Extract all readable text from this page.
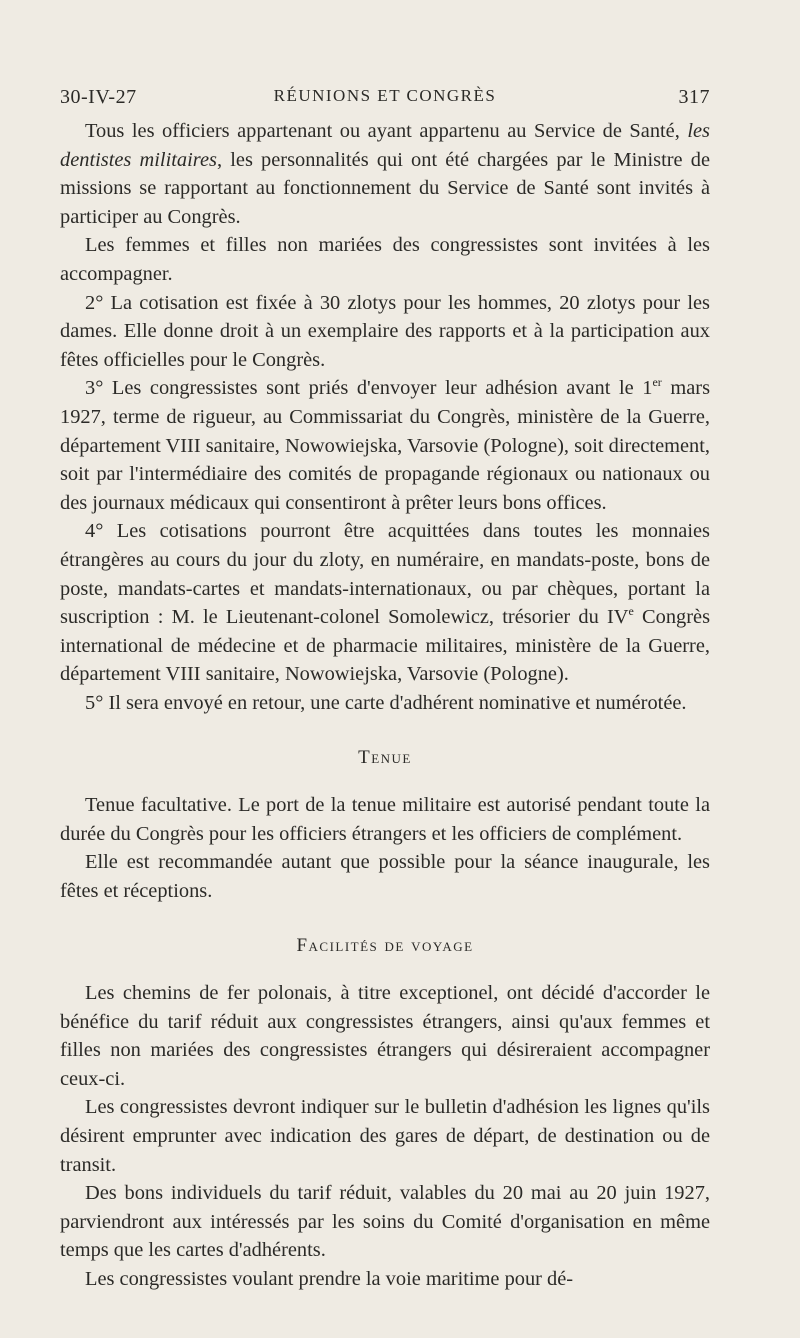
30-IV-27	RÉUNIONS ET CONGRÈS	317

Tous les officiers appartenant ou ayant appartenu au Service de Santé, les dentistes militaires, les personnalités qui ont été chargées par le Ministre de missions se rapportant au fonctionnement du Service de Santé sont invités à participer au Congrès.

Les femmes et filles non mariées des congressistes sont invitées à les accompagner.

2° La cotisation est fixée à 30 zlotys pour les hommes, 20 zlotys pour les dames. Elle donne droit à un exemplaire des rapports et à la participation aux fêtes officielles pour le Congrès.

3° Les congressistes sont priés d'envoyer leur adhésion avant le 1er mars 1927, terme de rigueur, au Commissariat du Congrès, ministère de la Guerre, département VIII sanitaire, Nowowiejska, Varsovie (Pologne), soit directement, soit par l'intermédiaire des comités de propagande régionaux ou nationaux ou des journaux médicaux qui consentiront à prêter leurs bons offices.

4° Les cotisations pourront être acquittées dans toutes les monnaies étrangères au cours du jour du zloty, en numéraire, en mandats-poste, bons de poste, mandats-cartes et mandats-internationaux, ou par chèques, portant la suscription : M. le Lieutenant-colonel Somolewicz, trésorier du IVe Congrès international de médecine et de pharmacie militaires, ministère de la Guerre, département VIII sanitaire, Nowowiejska, Varsovie (Pologne).

5° Il sera envoyé en retour, une carte d'adhérent nominative et numérotée.

Tenue

Tenue facultative. Le port de la tenue militaire est autorisé pendant toute la durée du Congrès pour les officiers étrangers et les officiers de complément.

Elle est recommandée autant que possible pour la séance inaugurale, les fêtes et réceptions.

Facilités de voyage

Les chemins de fer polonais, à titre exceptionel, ont décidé d'accorder le bénéfice du tarif réduit aux congressistes étrangers, ainsi qu'aux femmes et filles non mariées des congressistes étrangers qui désireraient accompagner ceux-ci.

Les congressistes devront indiquer sur le bulletin d'adhésion les lignes qu'ils désirent emprunter avec indication des gares de départ, de destination ou de transit.

Des bons individuels du tarif réduit, valables du 20 mai au 20 juin 1927, parviendront aux intéressés par les soins du Comité d'organisation en même temps que les cartes d'adhérents.

Les congressistes voulant prendre la voie maritime pour dé-
